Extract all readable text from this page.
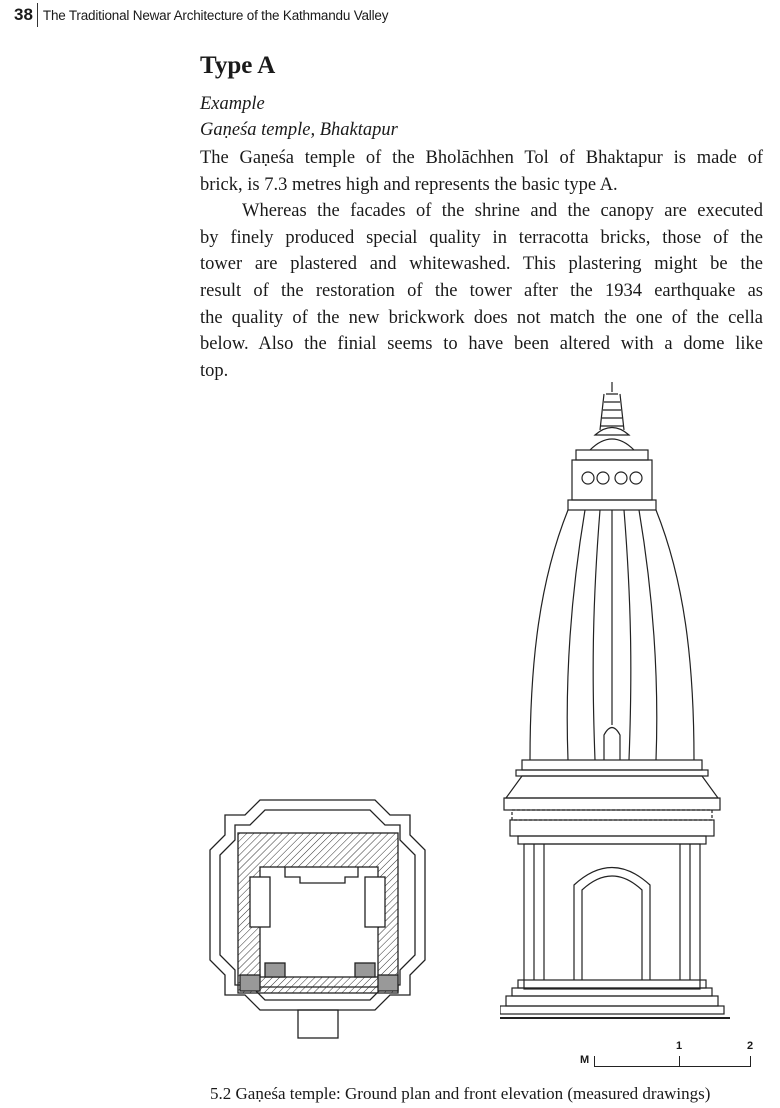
38 The Traditional Newar Architecture of the Kathmandu Valley
Type A
Example
Gaṇeśa temple, Bhaktapur
The Gaṇeśa temple of the Bholāchhen Tol of Bhaktapur is made of
brick, is 7.3 metres high and represents the basic type A.
Whereas the facades of the shrine and the canopy are executed
by finely produced special quality in terracotta bricks, those of the
tower are plastered and whitewashed. This plastering might be the
result of the restoration of the tower after the 1934 earthquake as
the quality of the new brickwork does not match the one of the cella
below. Also the finial seems to have been altered with a dome like
top.
M
1	2
5.2 Gaṇeśa temple: Ground plan and front elevation (measured drawings)
